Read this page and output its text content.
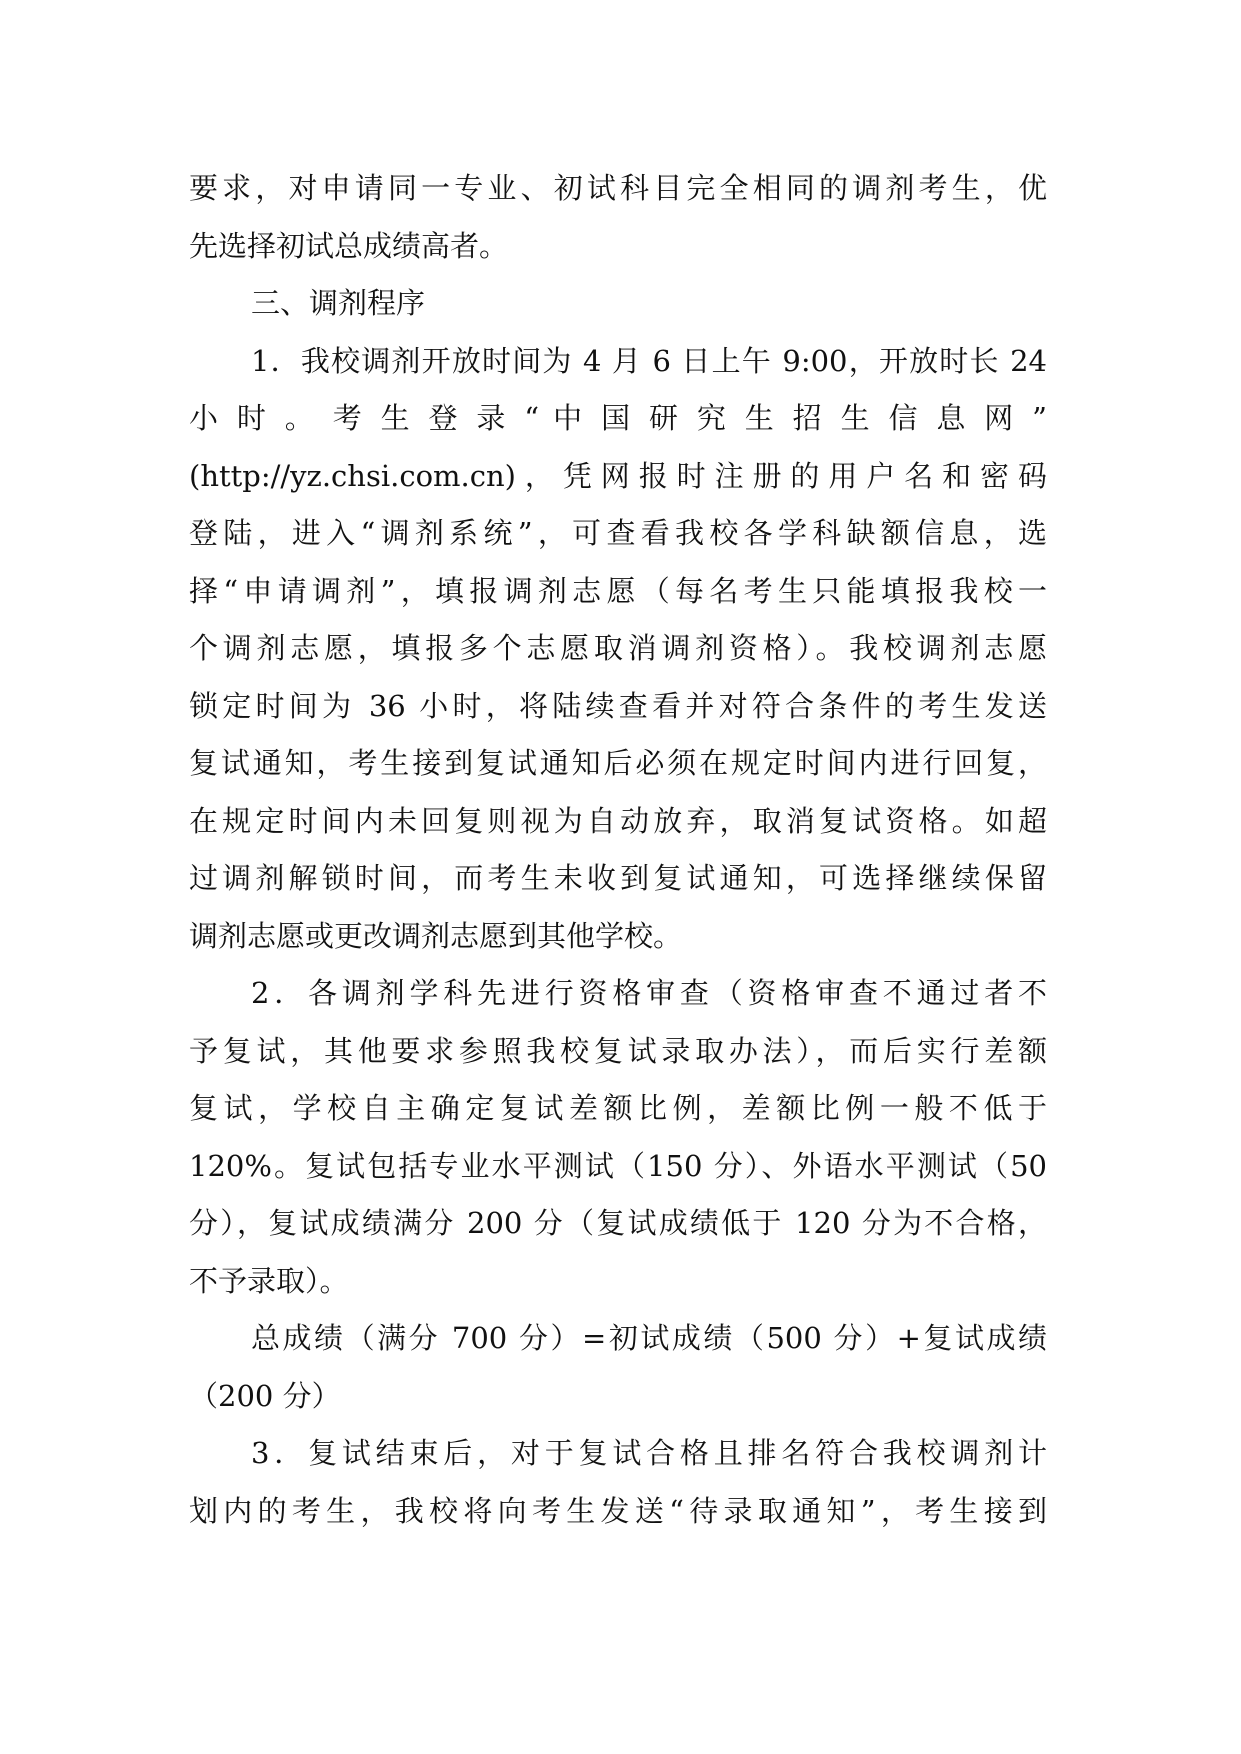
要求，对申请同一专业、初试科目完全相同的调剂考生，优
先选择初试总成绩高者。
三、调剂程序
1．我校调剂开放时间为 4 月 6 日上午 9:00，开放时长 24
小 时 。 考 生 登 录 “ 中 国 研 究 生 招 生 信 息 网 ”
(http://yz.chsi.com.cn)，凭网报时注册的用户名和密码
登陆，进入“调剂系统”，可查看我校各学科缺额信息，选
择“申请调剂”，填报调剂志愿（每名考生只能填报我校一
个调剂志愿，填报多个志愿取消调剂资格）。我校调剂志愿
锁定时间为 36 小时，将陆续查看并对符合条件的考生发送
复试通知，考生接到复试通知后必须在规定时间内进行回复，
在规定时间内未回复则视为自动放弃，取消复试资格。如超
过调剂解锁时间，而考生未收到复试通知，可选择继续保留
调剂志愿或更改调剂志愿到其他学校。
2．各调剂学科先进行资格审查（资格审查不通过者不
予复试，其他要求参照我校复试录取办法），而后实行差额
复试，学校自主确定复试差额比例，差额比例一般不低于
120%。复试包括专业水平测试（150 分）、外语水平测试（50
分），复试成绩满分 200 分（复试成绩低于 120 分为不合格，
不予录取）。
总成绩（满分 700 分）=初试成绩（500 分）+复试成绩
（200 分）
3．复试结束后，对于复试合格且排名符合我校调剂计
划内的考生，我校将向考生发送“待录取通知”，考生接到
